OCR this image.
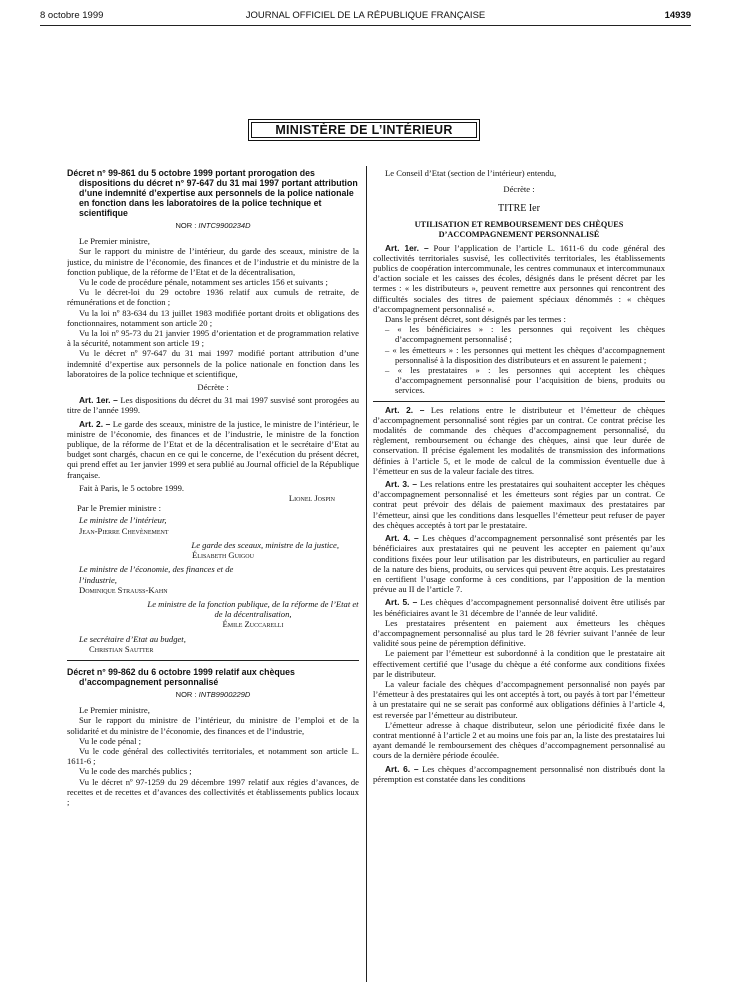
8 octobre 1999	JOURNAL OFFICIEL DE LA RÉPUBLIQUE FRANÇAISE	14939
MINISTÈRE DE L’INTÉRIEUR

Décret n° 99-861 du 5 octobre 1999 portant prorogation des dispositions du décret n° 97-647 du 31 mai 1997 portant attribution d’une indemnité d’expertise aux personnels de la police nationale en fonction dans les laboratoires de la police technique et scientifique

NOR : INTC9900234D

Le Premier ministre,

Sur le rapport du ministre de l’intérieur, du garde des sceaux, ministre de la justice, du ministre de l’économie, des finances et de l’industrie et du ministre de la fonction publique, de la réforme de l’Etat et de la décentralisation,

Vu le code de procédure pénale, notamment ses articles 156 et suivants ;

Vu le décret-loi du 29 octobre 1936 relatif aux cumuls de retraite, de rémunérations et de fonction ;

Vu la loi nº 83-634 du 13 juillet 1983 modifiée portant droits et obligations des fonctionnaires, notamment son article 20 ;

Vu la loi nº 95-73 du 21 janvier 1995 d’orientation et de programmation relative à la sécurité, notamment son article 19 ;

Vu le décret nº 97-647 du 31 mai 1997 modifié portant attribution d’une indemnité d’expertise aux personnels de la police nationale en fonction dans les laboratoires de la police technique et scientifique,

Décrète :

Art. 1er. – Les dispositions du décret du 31 mai 1997 susvisé sont prorogées au titre de l’année 1999.

Art. 2. – Le garde des sceaux, ministre de la justice, le ministre de l’intérieur, le ministre de l’économie, des finances et de l’industrie, le ministre de la fonction publique, de la réforme de l’Etat et de la décentralisation et le secrétaire d’Etat au budget sont chargés, chacun en ce qui le concerne, de l’exécution du présent décret, qui prend effet au 1er janvier 1999 et sera publié au Journal officiel de la République française.

Fait à Paris, le 5 octobre 1999.

Lionel Jospin

Par le Premier ministre :

Le ministre de l’intérieur,
Jean-Pierre Chevènement
Le garde des sceaux, ministre de la justice,
Élisabeth Guigou
Le ministre de l’économie, des finances et de l’industrie,
Dominique Strauss-Kahn
Le ministre de la fonction publique, de la réforme de l’Etat et de la décentralisation,
Émile Zuccarelli
Le secrétaire d’Etat au budget,
Christian Sautter

Décret n° 99-862 du 6 octobre 1999 relatif aux chèques d’accompagnement personnalisé

NOR : INTB9900229D

Le Premier ministre,

Sur le rapport du ministre de l’intérieur, du ministre de l’emploi et de la solidarité et du ministre de l’économie, des finances et de l’industrie,

Vu le code pénal ;

Vu le code général des collectivités territoriales, et notamment son article L. 1611-6 ;

Vu le code des marchés publics ;

Vu le décret nº 97-1259 du 29 décembre 1997 relatif aux régies d’avances, de recettes et de recettes et d’avances des collectivités et établissements publics locaux ;

Le Conseil d’Etat (section de l’intérieur) entendu,

Décrète :
TITRE Ier
UTILISATION ET REMBOURSEMENT DES CHÈQUES D’ACCOMPAGNEMENT PERSONNALISÉ

Art. 1er. – Pour l’application de l’article L. 1611-6 du code général des collectivités territoriales susvisé, les collectivités territoriales, les établissements publics de coopération intercommunale, les centres communaux et intercommunaux d’action sociale et les caisses des écoles, désignés dans le présent décret par les termes : « les distributeurs », peuvent remettre aux personnes qui rencontrent des difficultés sociales des titres de paiement spéciaux dénommés : « chèques d’accompagnement personnalisé ».

Dans le présent décret, sont désignés par les termes :

– « les bénéficiaires » : les personnes qui reçoivent les chèques d’accompagnement personnalisé ;

– « les émetteurs » : les personnes qui mettent les chèques d’accompagnement personnalisé à la disposition des distributeurs et en assurent le paiement ;

– « les prestataires » : les personnes qui acceptent les chèques d’accompagnement personnalisé pour l’acquisition de biens, produits ou services.

Art. 2. – Les relations entre le distributeur et l’émetteur de chèques d’accompagnement personnalisé sont régies par un contrat. Ce contrat précise les modalités de commande des chèques d’accompagnement personnalisé, du règlement, remboursement ou échange des chèques, ainsi que leur durée de conservation. Il précise également les modalités de transmission des informations définies à l’article 5, et le mode de calcul de la commission éventuelle due à l’émetteur en sus de la valeur faciale des titres.

Art. 3. – Les relations entre les prestataires qui souhaitent accepter les chèques d’accompagnement personnalisé et les émetteurs sont régies par un contrat. Ce contrat peut prévoir des délais de paiement maximaux des prestataires par l’émetteur, ainsi que les conditions dans lesquelles l’émetteur peut refuser de payer des chèques acceptés à tort par le prestataire.

Art. 4. – Les chèques d’accompagnement personnalisé sont présentés par les bénéficiaires aux prestataires qui ne peuvent les accepter en paiement qu’aux conditions fixées pour leur utilisation par les distributeurs, en particulier au regard de la nature des biens, produits, ou services qui peuvent être acquis. Les prestataires en certifient l’usage conforme à ces conditions, par l’apposition de la mention prévue au II de l’article 7.

Art. 5. – Les chèques d’accompagnement personnalisé doivent être utilisés par les bénéficiaires avant le 31 décembre de l’année de leur validité.

Les prestataires présentent en paiement aux émetteurs les chèques d’accompagnement personnalisé au plus tard le 28 février suivant l’année de leur validité sous peine de péremption définitive.

Le paiement par l’émetteur est subordonné à la condition que le prestataire ait effectivement certifié que l’usage du chèque a été conforme aux conditions fixées par le distributeur.

La valeur faciale des chèques d’accompagnement personnalisé non payés par l’émetteur à des prestataires qui les ont acceptés à tort, ou payés à tort par l’émetteur à un prestataire qui ne se serait pas conformé aux obligations définies à l’article 4, est reversée par l’émetteur au distributeur.

L’émetteur adresse à chaque distributeur, selon une périodicité fixée dans le contrat mentionné à l’article 2 et au moins une fois par an, la liste des prestataires lui ayant demandé le remboursement des chèques d’accompagnement personnalisé au cours de la dernière période écoulée.

Art. 6. – Les chèques d’accompagnement personnalisé non distribués dont la péremption est constatée dans les conditions
